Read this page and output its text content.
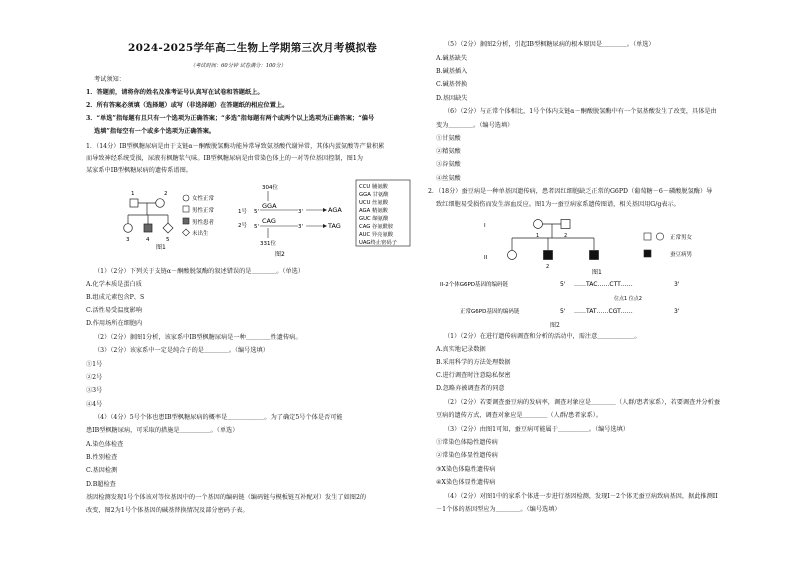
2024-2025学年高二生物上学期第三次月考模拟卷
（考试时间：60分钟 试卷满分：100分）
考试须知：
1．答题前，请将你的姓名及准考证号认真写在试卷和答题纸上。
2．所有答案必须填（选择题）或写（非选择题）在答题纸的相应位置上。
3．“单选”指每题有且只有一个选项为正确答案；“多选”指每题有两个或两个以上选项为正确答案；“偏号
选填”指每空有一个或多个选项为正确答案。
1．（14分）IB型枫糖尿病是由于支链α－酮酸脱氢酶功能异常导致氨基酸代谢异常，其体内蛋氨酸等产量积累
而导致神经系统受损，尿液有枫糖浆气味。IB型枫糖尿病是由常染色体上的一对等位基因控制，图1为
某家系中IB型枫糖尿病的遗传系谱图。
1	2
3	4	5
女性正常
男性正常
男性患者
未出生
图1
1号
304位
5'
GGA
3'	AGA
2号 5'
CAG
3'
331位
TAG
图2
CCU 脯氨酸
GGA 甘氨酸
UCU 丝氨酸
AGA 精氨酸
GUC 缬氨酸
CAG 谷氨酰胺
AUC 异亮氨酸
UAG终止密码子
（1）（2分）下列关于支链α－酮酸脱氢酶的叙述错误的是＿＿＿＿。（单选）
A.化学本质是蛋白质
B.组成元素包含P、S
C.活性易受温度影响
D.作用场所在细胞内
（2）（2分）据图1分析，该家系中IB型枫糖尿病是一种＿＿＿＿性遗传病。
（3）（2分）该家系中一定是纯合子的是＿＿＿＿。（编号选填）
①1号
②2号
③3号
④4号
（4）（4分）5号个体也患IB型枫糖尿病的概率是＿＿＿＿＿＿。为了确定5号个体是否可能
患IB型枫糖尿病，可采取的措施是＿＿＿＿＿。（单选）
A.染色体检查
B.性别检查
C.基因检测
D.B超检查
基因检测发现1号个体该对等位基因中的一个基因的编码链（编码链与模板链互补配对）发生了如图2的
改变，图2为1号个体基因的碱基替换情况及部分密码子表。
（5）（2分）据图2分析，引起IB型枫糖尿病的根本原因是＿＿＿＿。（单选）
A.碱基缺失
B.碱基插入
C.碱基替换
D.基因缺失
（6）（2分）与正常个体相比，1号个体内支链α－酮酸脱氢酶中有一个氨基酸发生了改变，具体是由
变为＿＿＿＿。（编号选填）
①甘氨酸
②精氨酸
③谷氨酸
④丝氨酸
2．（18分）蚕豆病是一种单基因遗传病，患者因红细胞缺乏正常的G6PD（葡萄糖－6－磷酸脱氢酶）导
致红细胞易受损伤而发生溶血反应。图1为一蚕豆病家系遗传图谱，相关基因用G/g表示。
I
II
1	2
2
正常男女
蚕豆病男
图1
II-2个体G6PD基因的编码链	5' ……TAC……CTT……	3'
位点1 位点2
正常G6PD基因的编码链	5' ……TAT……CGT……	3'
图2
（1）（2分）在进行遗传病调查和分析的活动中，需注意＿＿＿＿＿＿。
A.真实地记录数据
B.采用科学的方法处理数据
C.进行调查时注意隐私保密
D.忽略弃被调查者的同意
（2）（2分）若要调查蚕豆病的发病率，调查对象应是＿＿＿＿（人群/患者家系），若要调查并分析蚕
豆病的遗传方式，调查对象应是＿＿＿＿（人群/患者家系）。
（3）（2分）由图1可知，蚕豆病可能属于＿＿＿＿＿。（编号选填）
①常染色体隐性遗传病
②常染色体显性遗传病
③X染色体隐性遗传病
④X染色体显性遗传病
（4）（2分）对图1中的家系个体进一步进行基因检测，发现I－2个体无蚕豆病致病基因，据此推测II
－1个体的基因型应为＿＿＿＿。（编号选填）
